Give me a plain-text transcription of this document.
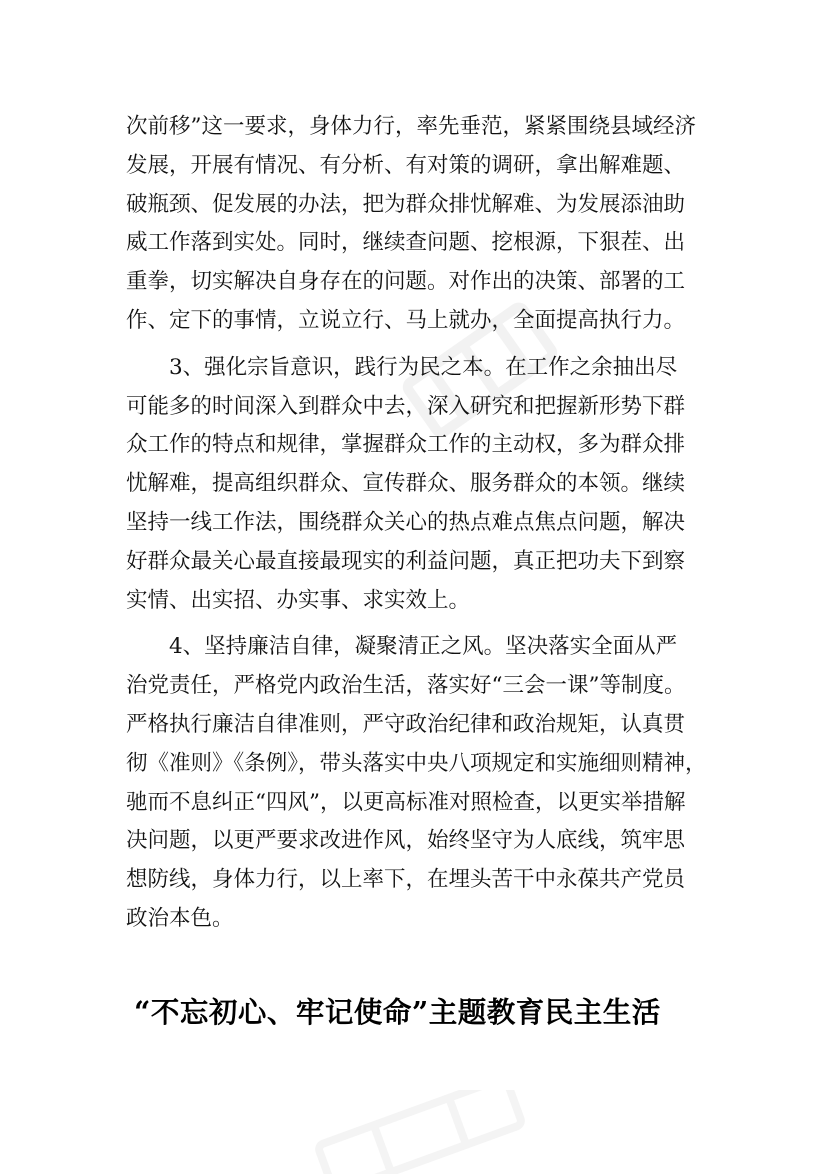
次前移”这一要求，身体力行，率先垂范，紧紧围绕县域经济
发展，开展有情况、有分析、有对策的调研，拿出解难题、
破瓶颈、促发展的办法，把为群众排忧解难、为发展添油助
威工作落到实处。同时，继续查问题、挖根源，下狠茬、出
重拳，切实解决自身存在的问题。对作出的决策、部署的工
作、定下的事情，立说立行、马上就办，全面提高执行力。
3、强化宗旨意识，践行为民之本。在工作之余抽出尽
可能多的时间深入到群众中去，深入研究和把握新形势下群
众工作的特点和规律，掌握群众工作的主动权，多为群众排
忧解难，提高组织群众、宣传群众、服务群众的本领。继续
坚持一线工作法，围绕群众关心的热点难点焦点问题，解决
好群众最关心最直接最现实的利益问题，真正把功夫下到察
实情、出实招、办实事、求实效上。
4、坚持廉洁自律，凝聚清正之风。坚决落实全面从严
治党责任，严格党内政治生活，落实好“三会一课”等制度。
严格执行廉洁自律准则，严守政治纪律和政治规矩，认真贯
彻《准则》《条例》，带头落实中央八项规定和实施细则精神，
驰而不息纠正“四风”，以更高标准对照检查，以更实举措解
决问题，以更严要求改进作风，始终坚守为人底线，筑牢思
想防线，身体力行，以上率下，在埋头苦干中永葆共产党员
政治本色。
“不忘初心、牢记使命”主题教育民主生活
